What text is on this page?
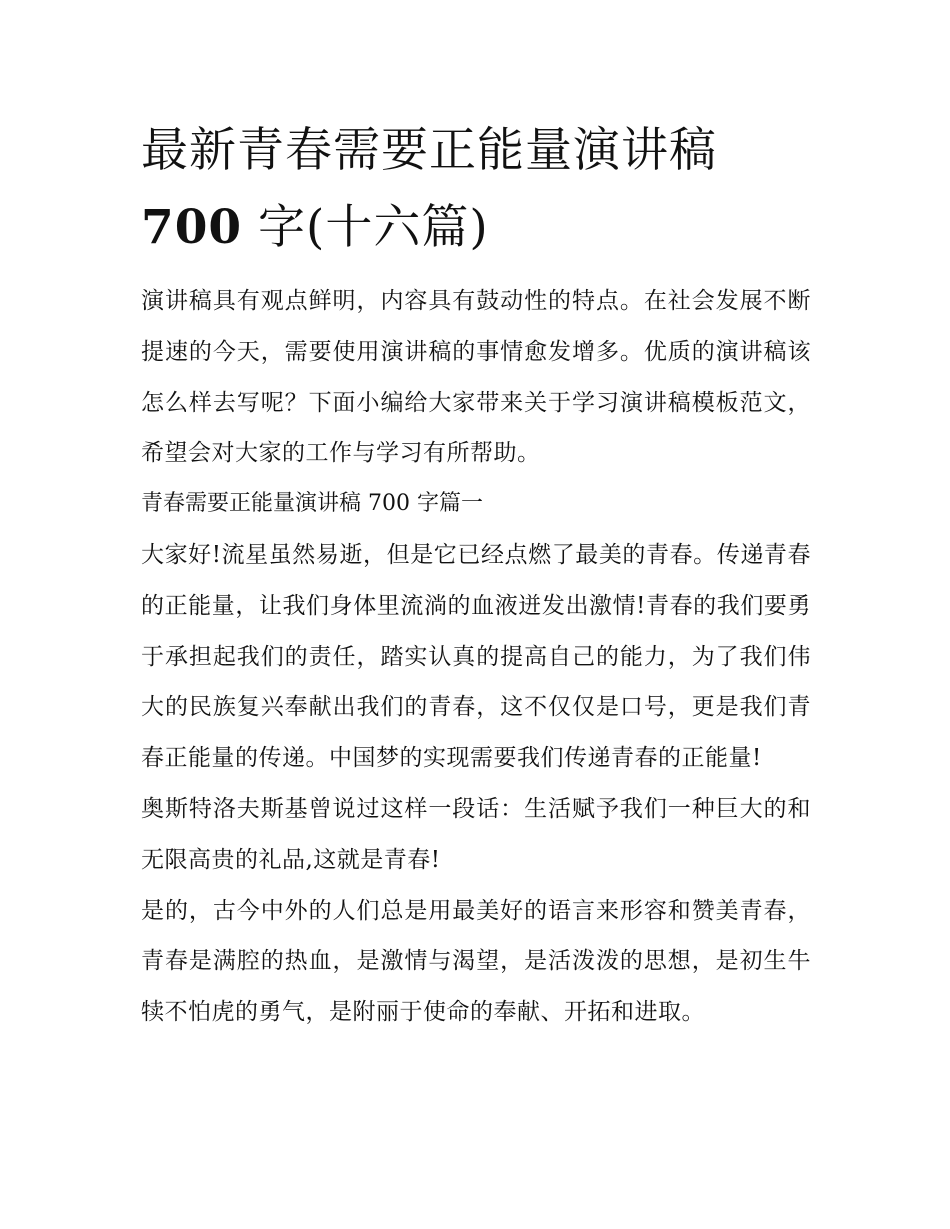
最新青春需要正能量演讲稿
700 字(十六篇)

演讲稿具有观点鲜明，内容具有鼓动性的特点。在社会发展不断提速的今天，需要使用演讲稿的事情愈发增多。优质的演讲稿该怎么样去写呢？下面小编给大家带来关于学习演讲稿模板范文，希望会对大家的工作与学习有所帮助。

青春需要正能量演讲稿 700 字篇一

大家好!流星虽然易逝，但是它已经点燃了最美的青春。传递青春的正能量，让我们身体里流淌的血液迸发出激情!青春的我们要勇于承担起我们的责任，踏实认真的提高自己的能力，为了我们伟大的民族复兴奉献出我们的青春，这不仅仅是口号，更是我们青春正能量的传递。中国梦的实现需要我们传递青春的正能量!

奥斯特洛夫斯基曾说过这样一段话：生活赋予我们一种巨大的和无限高贵的礼品,这就是青春!

是的，古今中外的人们总是用最美好的语言来形容和赞美青春，青春是满腔的热血，是激情与渴望，是活泼泼的思想，是初生牛犊不怕虎的勇气，是附丽于使命的奉献、开拓和进取。
